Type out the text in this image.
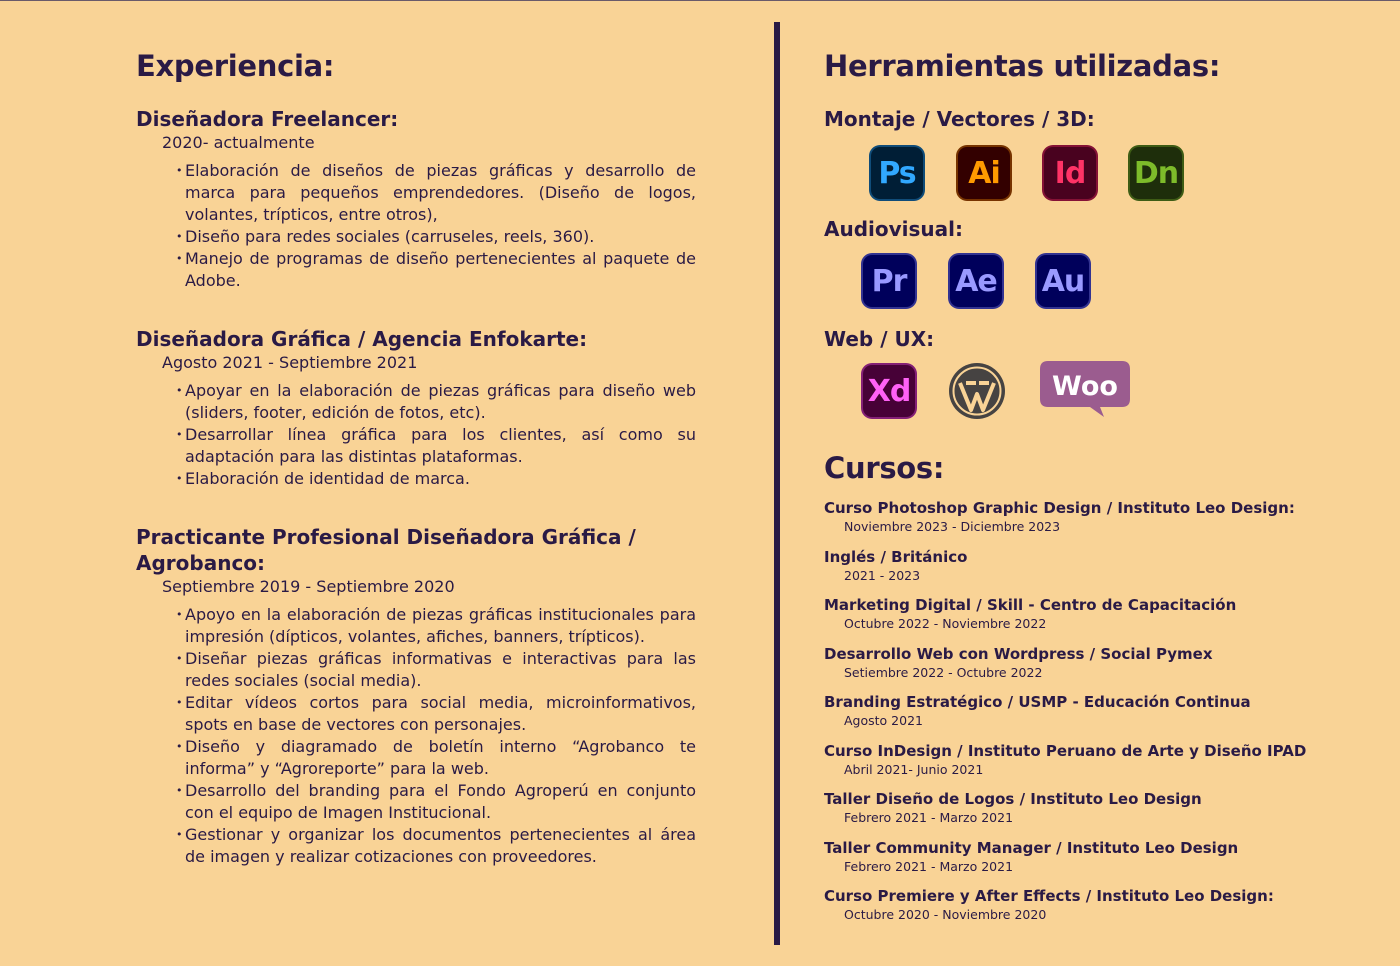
Experiencia:
Diseñadora Freelancer:
2020- actualmente
• Elaboración de diseños de piezas gráficas y desarrollo de marca para pequeños emprendedores. (Diseño de logos, volantes, trípticos, entre otros),
• Diseño para redes sociales (carruseles, reels, 360).
• Manejo de programas de diseño pertenecientes al paquete de Adobe.
Diseñadora Gráfica / Agencia Enfokarte:
Agosto 2021 - Septiembre 2021
• Apoyar en la elaboración de piezas gráficas para diseño web (sliders, footer, edición de fotos, etc).
• Desarrollar línea gráfica para los clientes, así como su adaptación para las distintas plataformas.
• Elaboración de identidad de marca.
Practicante Profesional Diseñadora Gráfica / Agrobanco:
Septiembre 2019 - Septiembre 2020
• Apoyo en la elaboración de piezas gráficas institucionales para impresión (dípticos, volantes, afiches, banners, trípticos).
• Diseñar piezas gráficas informativas e interactivas para las redes sociales (social media).
• Editar vídeos cortos para social media, microinformativos, spots en base de vectores con personajes.
• Diseño y diagramado de boletín interno “Agrobanco te informa” y “Agroreporte” para la web.
• Desarrollo del branding para el Fondo Agroperú en conjunto con el equipo de Imagen Institucional.
• Gestionar y organizar los documentos pertenecientes al área de imagen y realizar cotizaciones con proveedores.
Herramientas utilizadas:
Montaje / Vectores / 3D:
Ps	Ai	Id	Dn
Audiovisual:
Pr	Ae Au
Web / UX:
Xd	Woo
Cursos:
Curso Photoshop Graphic Design / Instituto Leo Design:
Noviembre 2023 - Diciembre 2023
Inglés / Británico
2021 - 2023
Marketing Digital / Skill - Centro de Capacitación
Octubre 2022 - Noviembre 2022
Desarrollo Web con Wordpress / Social Pymex
Setiembre 2022 - Octubre 2022
Branding Estratégico / USMP - Educación Continua
Agosto 2021
Curso InDesign / Instituto Peruano de Arte y Diseño IPAD
Abril 2021- Junio 2021
Taller Diseño de Logos / Instituto Leo Design
Febrero 2021 - Marzo 2021
Taller Community Manager / Instituto Leo Design
Febrero 2021 - Marzo 2021
Curso Premiere y After Effects / Instituto Leo Design:
Octubre 2020 - Noviembre 2020
